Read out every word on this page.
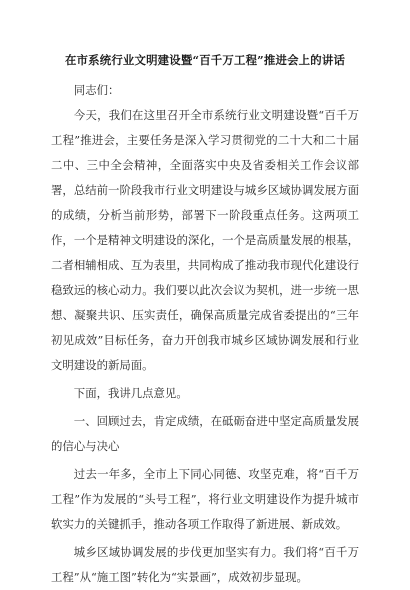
在市系统行业文明建设暨“百千万工程”推进会上的讲话

同志们：

今天，我们在这里召开全市系统行业文明建设暨“百千万工程”推进会，主要任务是深入学习贯彻党的二十大和二十届二中、三中全会精神，全面落实中央及省委相关工作会议部署，总结前一阶段我市行业文明建设与城乡区域协调发展方面的成绩，分析当前形势，部署下一阶段重点任务。这两项工作，一个是精神文明建设的深化，一个是高质量发展的根基，二者相辅相成、互为表里，共同构成了推动我市现代化建设行稳致远的核心动力。我们要以此次会议为契机，进一步统一思想、凝聚共识、压实责任，确保高质量完成省委提出的“三年初见成效”目标任务，奋力开创我市城乡区域协调发展和行业文明建设的新局面。

下面，我讲几点意见。

一、回顾过去，肯定成绩，在砥砺奋进中坚定高质量发展的信心与决心

过去一年多，全市上下同心同德、攻坚克难，将“百千万工程”作为发展的“头号工程”，将行业文明建设作为提升城市软实力的关键抓手，推动各项工作取得了新进展、新成效。

城乡区域协调发展的步伐更加坚实有力。我们将“百千万工程”从“施工图”转化为“实景画”，成效初步显现。
